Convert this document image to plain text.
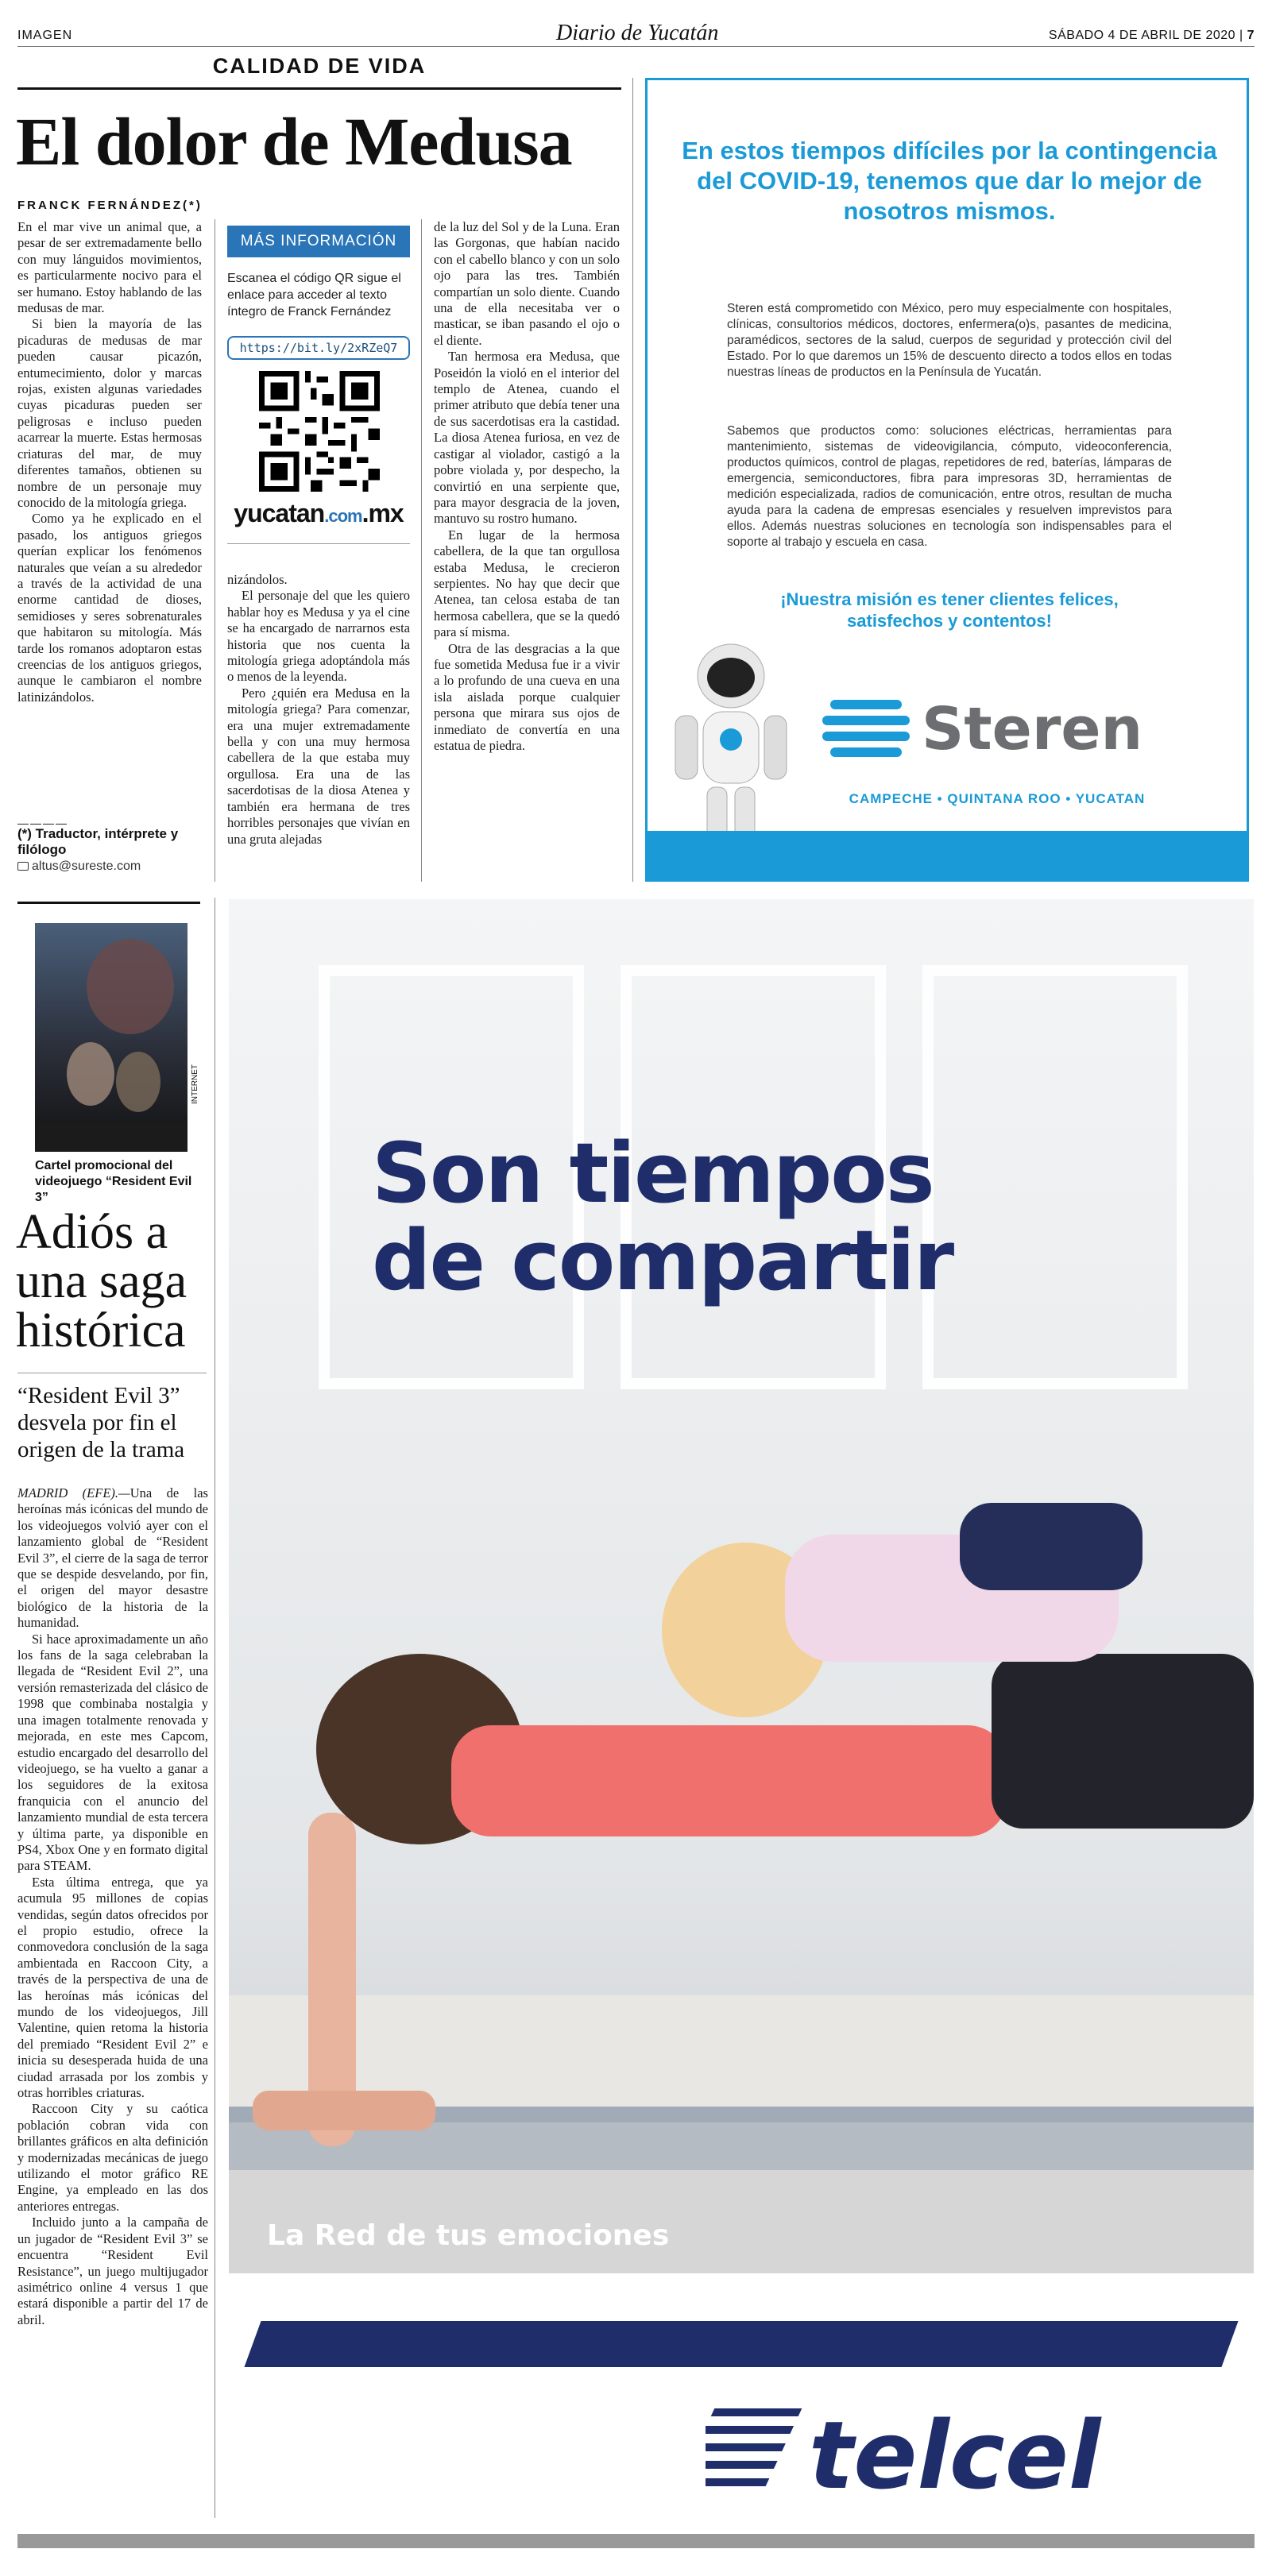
IMAGEN	Diario de Yucatán	SÁBADO 4 DE ABRIL DE 2020 | 7
CALIDAD DE VIDA
El dolor de Medusa
FRANCK FERNÁNDEZ(*)

En el mar vive un animal que, a pesar de ser extremadamente bello con muy lánguidos movimientos, es particularmente nocivo para el ser humano. Estoy hablando de las medusas de mar.

Si bien la mayoría de las picaduras de medusas de mar pueden causar picazón, entumecimiento, dolor y marcas rojas, existen algunas variedades cuyas picaduras pueden ser peligrosas e incluso pueden acarrear la muerte. Estas hermosas criaturas del mar, de muy diferentes tamaños, obtienen su nombre de un personaje muy conocido de la mitología griega.

Como ya he explicado en el pasado, los antiguos griegos querían explicar los fenómenos naturales que veían a su alrededor a través de la actividad de una enorme cantidad de dioses, semidioses y seres sobrenaturales que habitaron su mitología. Más tarde los romanos adoptaron estas creencias de los antiguos griegos, aunque le cambiaron el nombre latinizándolos.

————
(*) Traductor, intérprete y filólogo
altus@sureste.com
MÁS INFORMACIÓN
Escanea el código QR sigue el enlace para acceder al texto íntegro de Franck Fernández
https://bit.ly/2xRZeQ7
yucatan.com.mx

nizándolos.

El personaje del que les quiero hablar hoy es Medusa y ya el cine se ha encargado de narrarnos esta historia que nos cuenta la mitología griega adoptándola más o menos de la leyenda.

Pero ¿quién era Medusa en la mitología griega? Para comenzar, era una mujer extremadamente bella y con una muy hermosa cabellera de la que estaba muy orgullosa. Era una de las sacerdotisas de la diosa Atenea y también era hermana de tres horribles personajes que vivían en una gruta alejadas

de la luz del Sol y de la Luna. Eran las Gorgonas, que habían nacido con el cabello blanco y con un solo ojo para las tres. También compartían un solo diente. Cuando una de ella necesitaba ver o masticar, se iban pasando el ojo o el diente.

Tan hermosa era Medusa, que Poseidón la violó en el interior del templo de Atenea, cuando el primer atributo que debía tener una de sus sacerdotisas era la castidad. La diosa Atenea furiosa, en vez de castigar al violador, castigó a la pobre violada y, por despecho, la convirtió en una serpiente que, para mayor desgracia de la joven, mantuvo su rostro humano.

En lugar de la hermosa cabellera, de la que tan orgullosa estaba Medusa, le crecieron serpientes. No hay que decir que Atenea, tan celosa estaba de tan hermosa cabellera, que se la quedó para sí misma.

Otra de las desgracias a la que fue sometida Medusa fue ir a vivir a lo profundo de una cueva en una isla aislada porque cualquier persona que mirara sus ojos de inmediato de convertía en una estatua de piedra.

En estos tiempos difíciles por la contingencia del COVID-19, tenemos que dar lo mejor de nosotros mismos.
Steren está comprometido con México, pero muy especialmente con hospitales, clínicas, consultorios médicos, doctores, enfermera(o)s, pasantes de medicina, paramédicos, sectores de la salud, cuerpos de seguridad y protección civil del Estado. Por lo que daremos un 15% de descuento directo a todos ellos en todas nuestras líneas de productos en la Península de Yucatán.
Sabemos que productos como: soluciones eléctricas, herramientas para mantenimiento, sistemas de videovigilancia, cómputo, videoconferencia, productos químicos, control de plagas, repetidores de red, baterías, lámparas de emergencia, semiconductores, fibra para impresoras 3D, herramientas de medición especializada, radios de comunicación, entre otros, resultan de mucha ayuda para la cadena de empresas esenciales y resuelven imprevistos para ellos. Además nuestras soluciones en tecnología son indispensables para el soporte al trabajo y escuela en casa.
¡Nuestra misión es tener clientes felices, satisfechos y contentos!
Steren
CAMPECHE • QUINTANA ROO • YUCATAN
INTERNET
Cartel promocional del videojuego “Resident Evil 3”
Adiós a una saga histórica
“Resident Evil 3” desvela por fin el origen de la trama

MADRID (EFE).—Una de las heroínas más icónicas del mundo de los videojuegos volvió ayer con el lanzamiento global de “Resident Evil 3”, el cierre de la saga de terror que se despide desvelando, por fin, el origen del mayor desastre biológico de la historia de la humanidad.

Si hace aproximadamente un año los fans de la saga celebraban la llegada de “Resident Evil 2”, una versión remasterizada del clásico de 1998 que combinaba nostalgia y una imagen totalmente renovada y mejorada, en este mes Capcom, estudio encargado del desarrollo del videojuego, se ha vuelto a ganar a los seguidores de la exitosa franquicia con el anuncio del lanzamiento mundial de esta tercera y última parte, ya disponible en PS4, Xbox One y en formato digital para STEAM.

Esta última entrega, que ya acumula 95 millones de copias vendidas, según datos ofrecidos por el propio estudio, ofrece la conmovedora conclusión de la saga ambientada en Raccoon City, a través de la perspectiva de una de las heroínas más icónicas del mundo de los videojuegos, Jill Valentine, quien retoma la historia del premiado “Resident Evil 2” e inicia su desesperada huida de una ciudad arrasada por los zombis y otras horribles criaturas.

Raccoon City y su caótica población cobran vida con brillantes gráficos en alta definición y modernizadas mecánicas de juego utilizando el motor gráfico RE Engine, ya empleado en las dos anteriores entregas.

Incluido junto a la campaña de un jugador de “Resident Evil 3” se encuentra “Resident Evil Resistance”, un juego multijugador asimétrico online 4 versus 1 que estará disponible a partir del 17 de abril.

Son tiempos
de compartir
La Red de tus emociones
telcel
